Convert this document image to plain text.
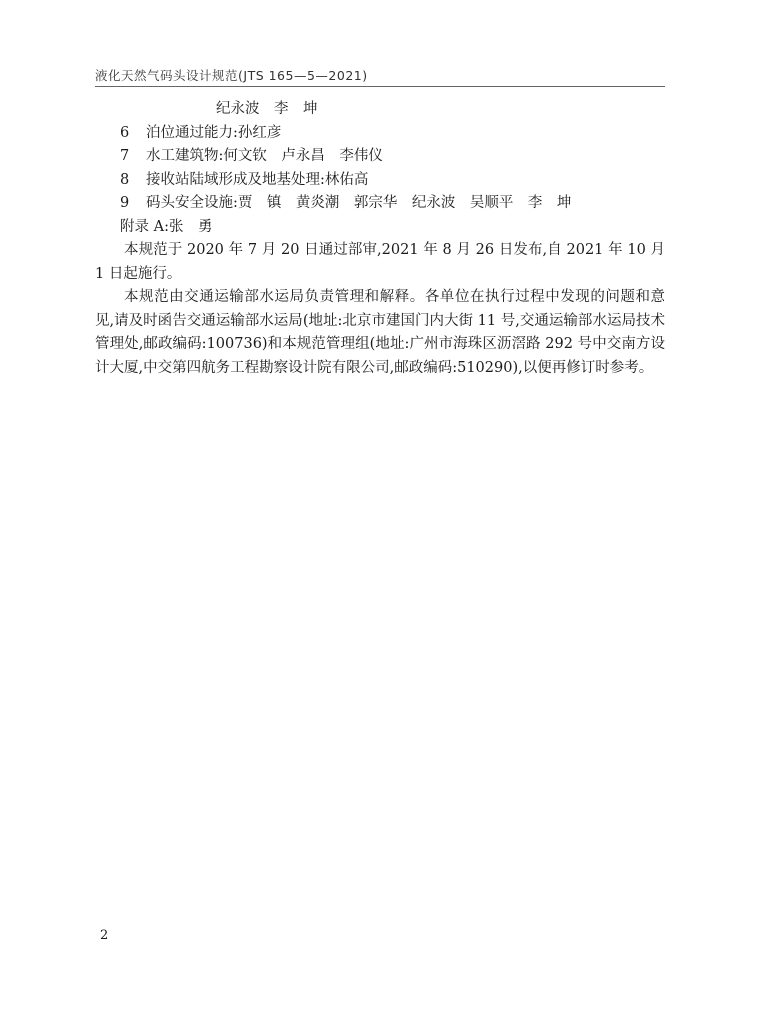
液化天然气码头设计规范(JTS 165—5—2021)
纪永波　李　坤
6 泊位通过能力:孙红彦
7 水工建筑物:何文钦　卢永昌　李伟仪
8 接收站陆域形成及地基处理:林佑高
9 码头安全设施:贾　镇　黄炎潮　郭宗华　纪永波　吴顺平　李　坤
附录 A:张　勇

本规范于 2020 年 7 月 20 日通过部审,2021 年 8 月 26 日发布,自 2021 年 10 月 1 日起施行。

本规范由交通运输部水运局负责管理和解释。各单位在执行过程中发现的问题和意见,请及时函告交通运输部水运局(地址:北京市建国门内大街 11 号,交通运输部水运局技术管理处,邮政编码:100736)和本规范管理组(地址:广州市海珠区沥滘路 292 号中交南方设计大厦,中交第四航务工程勘察设计院有限公司,邮政编码:510290),以便再修订时参考。

2
